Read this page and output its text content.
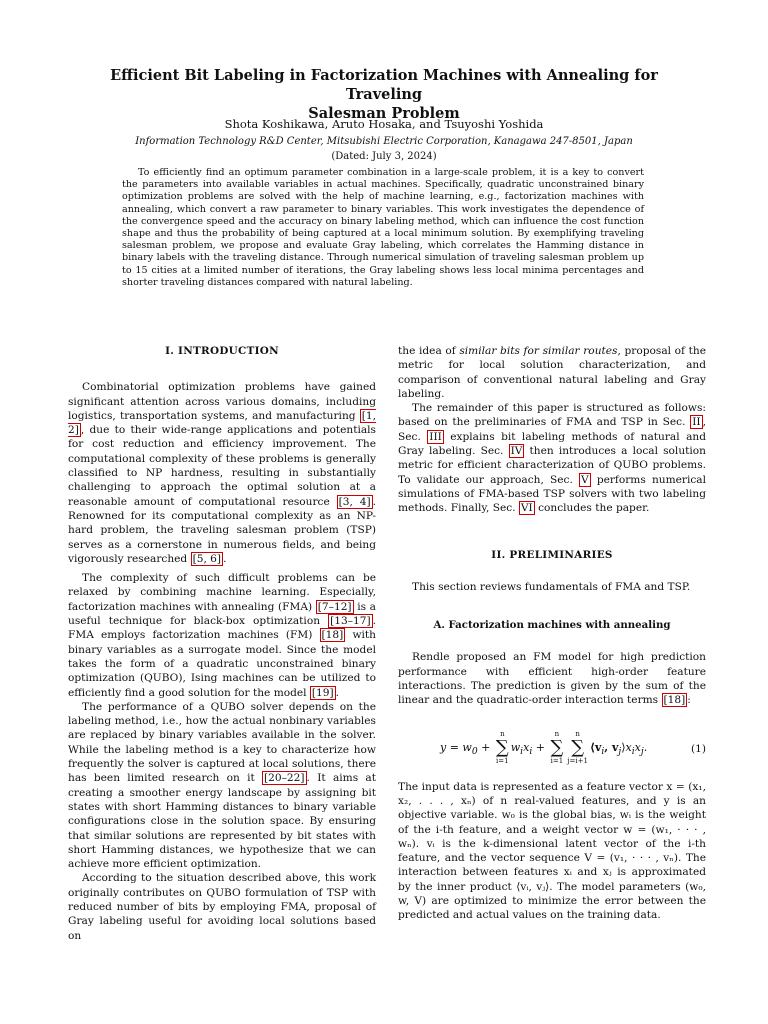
Efficient Bit Labeling in Factorization Machines with Annealing for Traveling
Salesman Problem
Shota Koshikawa, Aruto Hosaka, and Tsuyoshi Yoshida
Information Technology R&D Center, Mitsubishi Electric Corporation, Kanagawa 247-8501, Japan
(Dated: July 3, 2024)

To efficiently find an optimum parameter combination in a large-scale problem, it is a key to convert the parameters into available variables in actual machines. Specifically, quadratic unconstrained binary optimization problems are solved with the help of machine learning, e.g., factorization machines with annealing, which convert a raw parameter to binary variables. This work investigates the dependence of the convergence speed and the accuracy on binary labeling method, which can influence the cost function shape and thus the probability of being captured at a local minimum solution. By exemplifying traveling salesman problem, we propose and evaluate Gray labeling, which correlates the Hamming distance in binary labels with the traveling distance. Through numerical simulation of traveling salesman problem up to 15 cities at a limited number of iterations, the Gray labeling shows less local minima percentages and shorter traveling distances compared with natural labeling.

I. INTRODUCTION

Combinatorial optimization problems have gained significant attention across various domains, including logistics, transportation systems, and manufacturing [1, 2] , due to their wide-range applications and potentials for cost reduction and efficiency improvement. The computational complexity of these problems is generally classified to NP hardness, resulting in substantially challenging to approach the optimal solution at a reasonable amount of computational resource [3, 4] . Renowned for its computational complexity as an NP-hard problem, the traveling salesman problem (TSP) serves as a cornerstone in numerous fields, and being vigorously researched [5, 6] .

The complexity of such difficult problems can be relaxed by combining machine learning. Especially, factorization machines with annealing (FMA) [7–12] is a useful technique for black-box optimization [13–17] . FMA employs factorization machines (FM) [18] with binary variables as a surrogate model. Since the model takes the form of a quadratic unconstrained binary optimization (QUBO), Ising machines can be utilized to efficiently find a good solution for the model [19] .

The performance of a QUBO solver depends on the labeling method, i.e., how the actual nonbinary variables are replaced by binary variables available in the solver. While the labeling method is a key to characterize how frequently the solver is captured at local solutions, there has been limited research on it [20–22] . It aims at creating a smoother energy landscape by assigning bit states with short Hamming distances to binary variable configurations close in the solution space. By ensuring that similar solutions are represented by bit states with short Hamming distances, we hypothesize that we can achieve more efficient optimization.

According to the situation described above, this work originally contributes on QUBO formulation of TSP with reduced number of bits by employing FMA, proposal of Gray labeling useful for avoiding local solutions based on

the idea of similar bits for similar routes, proposal of the metric for local solution characterization, and comparison of conventional natural labeling and Gray labeling.

The remainder of this paper is structured as follows: based on the preliminaries of FMA and TSP in Sec. II , Sec. III explains bit labeling methods of natural and Gray labeling. Sec. IV then introduces a local solution metric for efficient characterization of QUBO problems. To validate our approach, Sec. V performs numerical simulations of FMA-based TSP solvers with two labeling methods. Finally, Sec. VI concludes the paper.

II. PRELIMINARIES

This section reviews fundamentals of FMA and TSP.

A. Factorization machines with annealing

Rendle proposed an FM model for high prediction performance with efficient high-order feature interactions. The prediction is given by the sum of the linear and the quadratic-order interaction terms [18] :

$y = w_0$ +
n
∑
i=1
$w_ix_i$ +
n
∑
i=1
n
∑
j=i+1
$⟨v_i$, $v_j⟩x_ix_j$.	(1)

The input data is represented as a feature vector x = (x₁, x₂, . . . , xₙ) of n real-valued features, and y is an objective variable. w₀ is the global bias, wᵢ is the weight of the i-th feature, and a weight vector w = (w₁, · · · , wₙ). vᵢ is the k-dimensional latent vector of the i-th feature, and the vector sequence V = (v₁, · · · , vₙ). The interaction between features xᵢ and xⱼ is approximated by the inner product ⟨vᵢ, vⱼ⟩. The model parameters (w₀, w, V) are optimized to minimize the error between the predicted and actual values on the training data.
